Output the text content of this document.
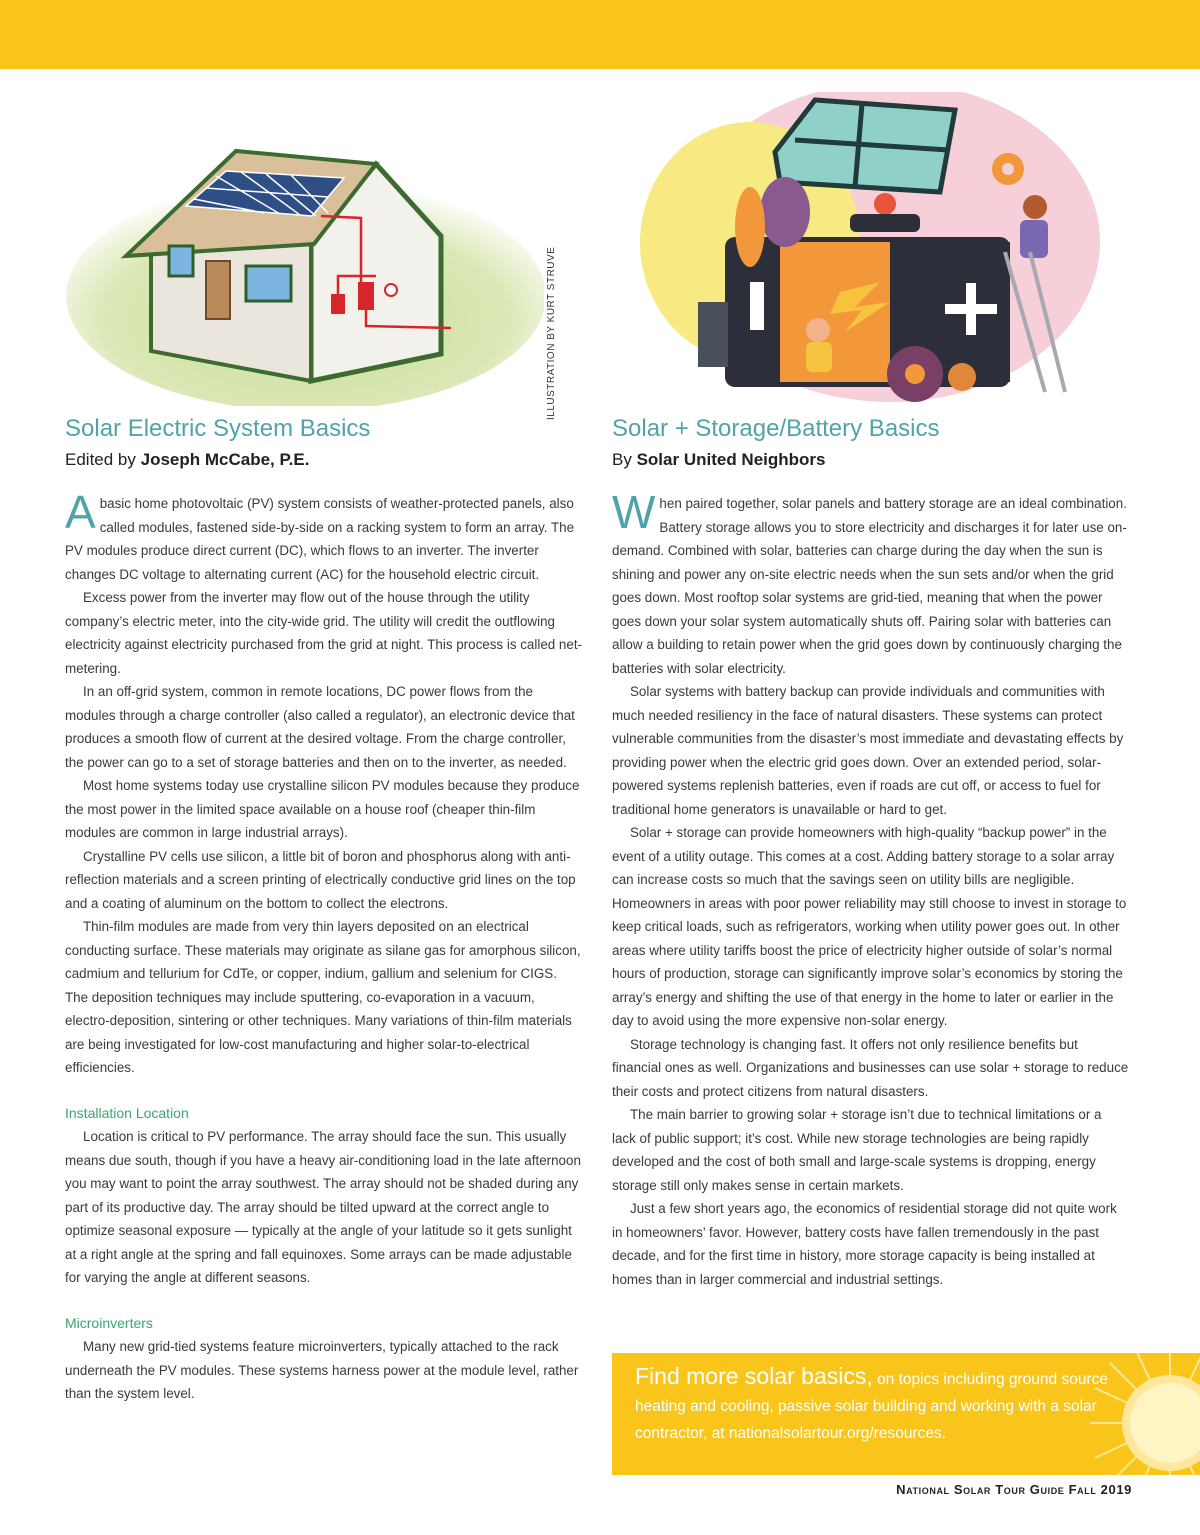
ILLUSTRATION BY KURT STRUVE
Solar Electric System Basics
Edited by Joseph McCabe, P.E.

Abasic home photovoltaic (PV) system consists of weather-protected panels, also called modules, fastened side-by-side on a racking system to form an array. The PV modules produce direct current (DC), which flows to an inverter. The inverter changes DC voltage to alternating current (AC) for the household electric circuit.

Excess power from the inverter may flow out of the house through the utility company’s electric meter, into the city-wide grid. The utility will credit the outflowing electricity against electricity purchased from the grid at night. This process is called net-metering.

In an off-grid system, common in remote locations, DC power flows from the modules through a charge controller (also called a regulator), an electronic device that produces a smooth flow of current at the desired voltage. From the charge controller, the power can go to a set of storage batteries and then on to the inverter, as needed.

Most home systems today use crystalline silicon PV modules because they produce the most power in the limited space available on a house roof (cheaper thin-film modules are common in large industrial arrays).

Crystalline PV cells use silicon, a little bit of boron and phosphorus along with anti-reflection materials and a screen printing of electrically conductive grid lines on the top and a coating of aluminum on the bottom to collect the electrons.

Thin-film modules are made from very thin layers deposited on an electrical conducting surface. These materials may originate as silane gas for amorphous silicon, cadmium and tellurium for CdTe, or copper, indium, gallium and selenium for CIGS. The deposition techniques may include sputtering, co-evaporation in a vacuum, electro-deposition, sintering or other techniques. Many variations of thin-film materials are being investigated for low-cost manufacturing and higher solar-to-electrical efficiencies.

Installation Location

Location is critical to PV performance. The array should face the sun. This usually means due south, though if you have a heavy air-conditioning load in the late afternoon you may want to point the array southwest. The array should not be shaded during any part of its productive day. The array should be tilted upward at the correct angle to optimize seasonal exposure — typically at the angle of your latitude so it gets sunlight at a right angle at the spring and fall equinoxes. Some arrays can be made adjustable for varying the angle at different seasons.

Microinverters

Many new grid-tied systems feature microinverters, typically attached to the rack underneath the PV modules. These systems harness power at the module level, rather than the system level.

Solar + Storage/Battery Basics
By Solar United Neighbors

When paired together, solar panels and battery storage are an ideal combination. Battery storage allows you to store electricity and discharges it for later use on-demand. Combined with solar, batteries can charge during the day when the sun is shining and power any on-site electric needs when the sun sets and/or when the grid goes down. Most rooftop solar systems are grid-tied, meaning that when the power goes down your solar system automatically shuts off. Pairing solar with batteries can allow a building to retain power when the grid goes down by continuously charging the batteries with solar electricity.

Solar systems with battery backup can provide individuals and communities with much needed resiliency in the face of natural disasters. These systems can protect vulnerable communities from the disaster’s most immediate and devastating effects by providing power when the electric grid goes down. Over an extended period, solar-powered systems replenish batteries, even if roads are cut off, or access to fuel for traditional home generators is unavailable or hard to get.

Solar + storage can provide homeowners with high-quality “backup power” in the event of a utility outage. This comes at a cost. Adding battery storage to a solar array can increase costs so much that the savings seen on utility bills are negligible. Homeowners in areas with poor power reliability may still choose to invest in storage to keep critical loads, such as refrigerators, working when utility power goes out. In other areas where utility tariffs boost the price of electricity higher outside of solar’s normal hours of production, storage can significantly improve solar’s economics by storing the array’s energy and shifting the use of that energy in the home to later or earlier in the day to avoid using the more expensive non-solar energy.

Storage technology is changing fast. It offers not only resilience benefits but financial ones as well. Organizations and businesses can use solar + storage to reduce their costs and protect citizens from natural disasters.

The main barrier to growing solar + storage isn’t due to technical limitations or a lack of public support; it’s cost. While new storage technologies are being rapidly developed and the cost of both small and large-scale systems is dropping, energy storage still only makes sense in certain markets.

Just a few short years ago, the economics of residential storage did not quite work in homeowners’ favor. However, battery costs have fallen tremendously in the past decade, and for the first time in history, more storage capacity is being installed at homes than in larger commercial and industrial settings.

Find more solar basics, on topics including ground source heating and cooling, passive solar building and working with a solar contractor, at nationalsolartour.org/resources.
National Solar Tour Guide Fall 2019
